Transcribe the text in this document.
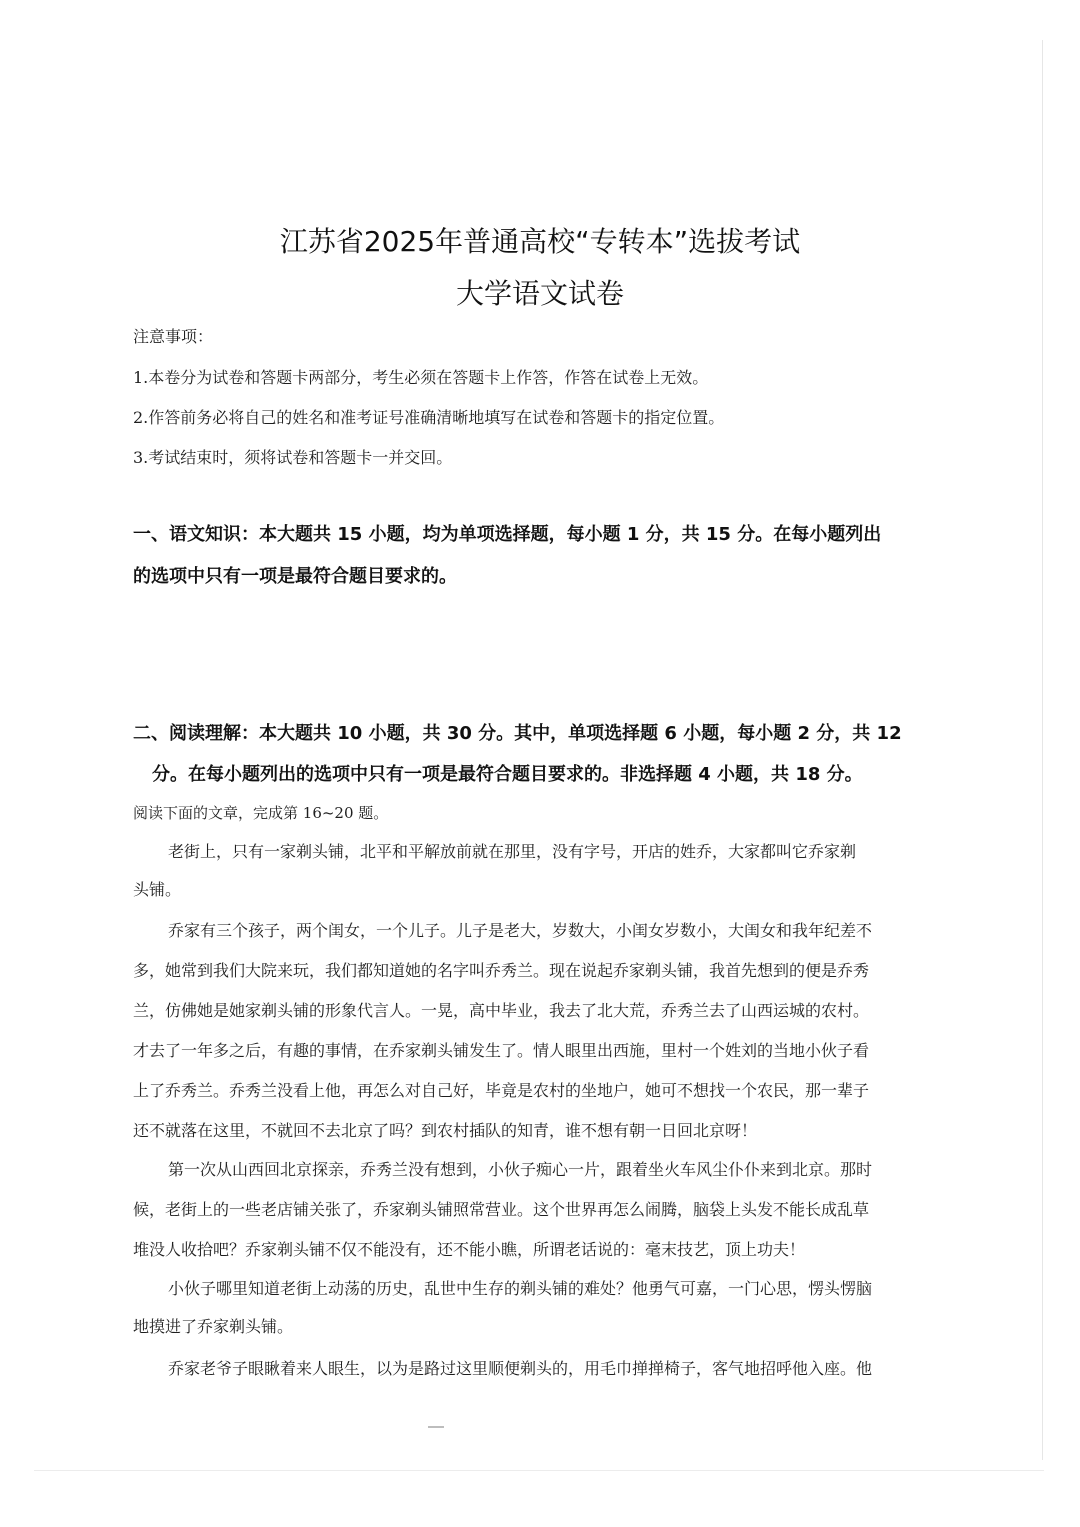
江苏省2025年普通高校“专转本”选拔考试
大学语文试卷
注意事项：
1.本卷分为试卷和答题卡两部分，考生必须在答题卡上作答，作答在试卷上无效。
2.作答前务必将自己的姓名和准考证号准确清晰地填写在试卷和答题卡的指定位置。
3.考试结束时，须将试卷和答题卡一并交回。
一、语文知识：本大题共 15 小题，均为单项选择题，每小题 1 分，共 15 分。在每小题列出
的选项中只有一项是最符合题目要求的。
二、阅读理解：本大题共 10 小题，共 30 分。其中，单项选择题 6 小题，每小题 2 分，共 12
分。在每小题列出的选项中只有一项是最符合题目要求的。非选择题 4 小题，共 18 分。
阅读下面的文章，完成第 16~20 题。
老街上，只有一家剃头铺，北平和平解放前就在那里，没有字号，开店的姓乔，大家都叫它乔家剃
头铺。
乔家有三个孩子，两个闺女，一个儿子。儿子是老大，岁数大，小闺女岁数小，大闺女和我年纪差不
多，她常到我们大院来玩，我们都知道她的名字叫乔秀兰。现在说起乔家剃头铺，我首先想到的便是乔秀
兰，仿佛她是她家剃头铺的形象代言人。一晃，高中毕业，我去了北大荒，乔秀兰去了山西运城的农村。
才去了一年多之后，有趣的事情，在乔家剃头铺发生了。情人眼里出西施，里村一个姓刘的当地小伙子看
上了乔秀兰。乔秀兰没看上他，再怎么对自己好，毕竟是农村的坐地户，她可不想找一个农民，那一辈子
还不就落在这里，不就回不去北京了吗？到农村插队的知青，谁不想有朝一日回北京呀！
第一次从山西回北京探亲，乔秀兰没有想到，小伙子痴心一片，跟着坐火车风尘仆仆来到北京。那时
候，老街上的一些老店铺关张了，乔家剃头铺照常营业。这个世界再怎么闹腾，脑袋上头发不能长成乱草
堆没人收拾吧？乔家剃头铺不仅不能没有，还不能小瞧，所谓老话说的：毫末技艺，顶上功夫！
小伙子哪里知道老街上动荡的历史，乱世中生存的剃头铺的难处？他勇气可嘉，一门心思，愣头愣脑
地摸进了乔家剃头铺。
乔家老爷子眼瞅着来人眼生，以为是路过这里顺便剃头的，用毛巾掸掸椅子，客气地招呼他入座。他
